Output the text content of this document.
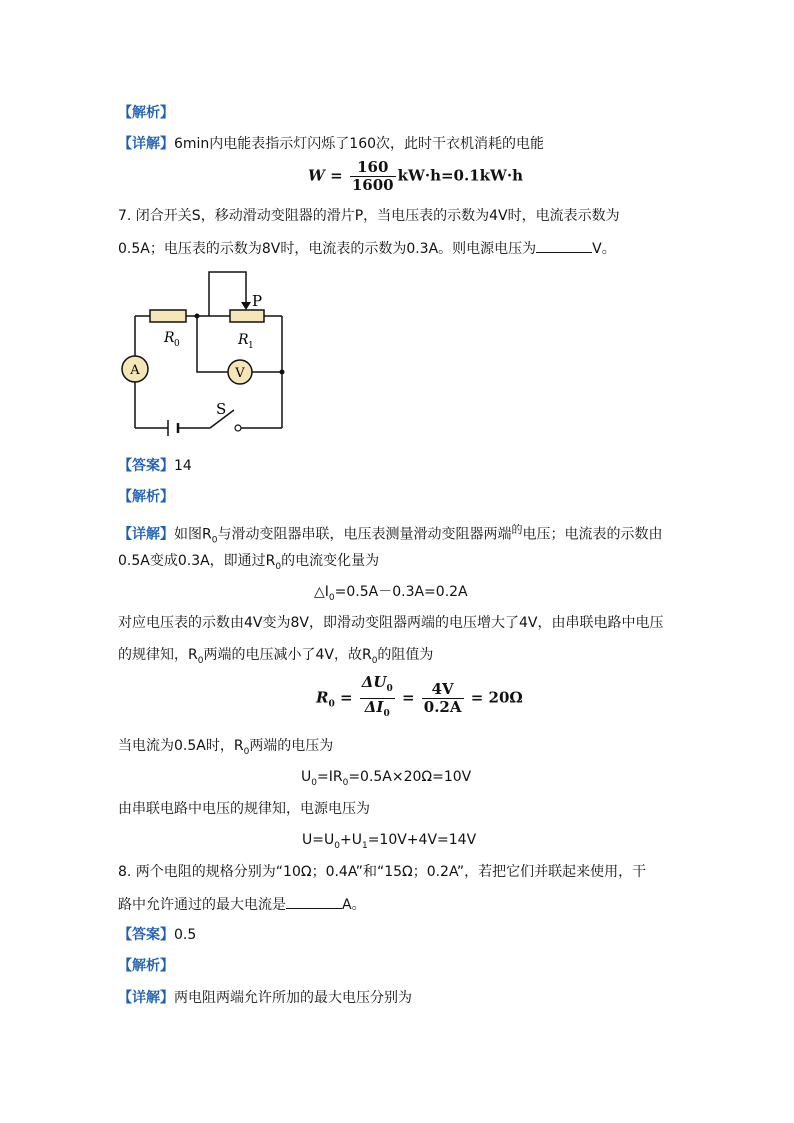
【解析】
【详解】6min内电能表指示灯闪烁了160次，此时干衣机消耗的电能
$W = \frac{160}{1600} kW\cdot h=0.1kW\cdot h$
7. 闭合开关S，移动滑动变阻器的滑片P，当电压表的示数为4V时，电流表示数为
0.5A；电压表的示数为8V时，电流表的示数为0.3A。则电源电压为	V。
R 0	R 1
P
S
A	V
【答案】14
【解析】
【详解】如图$R_0$与滑动变阻器串联，电压表测量滑动变阻器两端$^的$电压；电流表的示数由
0.5A变成0.3A，即通过$R_0$的电流变化量为
$\triangle I_0=0.5A-0.3A=0.2A$
对应电压表的示数由4V变为8V，即滑动变阻器两端的电压增大了4V，由串联电路中电压
的规律知，$R_0$两端的电压减小了4V，故$R_0$的阻值为
$R_0 = \frac{\Delta U_0}{\Delta I_0} = \frac{4V}{0.2A} = 20\Omega$
当电流为0.5A时，$R_0$两端的电压为
$U_0=IR_0=0.5A\times 20\Omega=10V$
由串联电路中电压的规律知，电源电压为
$U=U_0+U_1=10V+4V=14V$
8. 两个电阻的规格分别为“10Ω；0.4A”和“15Ω；0.2A”，若把它们并联起来使用，干
路中允许通过的最大电流是	A。
【答案】0.5
【解析】
【详解】两电阻两端允许所加的最大电压分别为
